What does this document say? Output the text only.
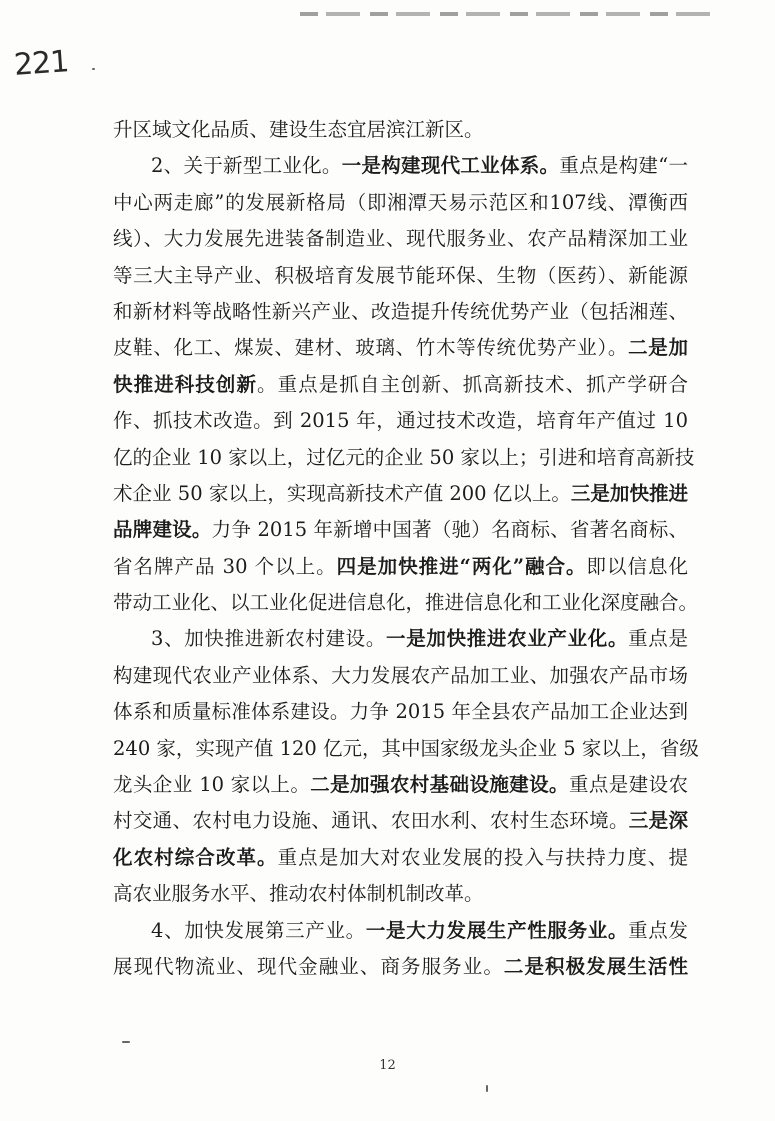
221
升区域文化品质、建设生态宜居滨江新区。
2、关于新型工业化。一是构建现代工业体系。重点是构建“一
中心两走廊”的发展新格局（即湘潭天易示范区和107线、潭衡西
线）、大力发展先进装备制造业、现代服务业、农产品精深加工业
等三大主导产业、积极培育发展节能环保、生物（医药）、新能源
和新材料等战略性新兴产业、改造提升传统优势产业（包括湘莲、
皮鞋、化工、煤炭、建材、玻璃、竹木等传统优势产业）。二是加
快推进科技创新。重点是抓自主创新、抓高新技术、抓产学研合
作、抓技术改造。到 2015 年，通过技术改造，培育年产值过 10
亿的企业 10 家以上，过亿元的企业 50 家以上；引进和培育高新技
术企业 50 家以上，实现高新技术产值 200 亿以上。三是加快推进
品牌建设。力争 2015 年新增中国著（驰）名商标、省著名商标、
省名牌产品 30 个以上。四是加快推进“两化”融合。即以信息化
带动工业化、以工业化促进信息化，推进信息化和工业化深度融合。
3、加快推进新农村建设。一是加快推进农业产业化。重点是
构建现代农业产业体系、大力发展农产品加工业、加强农产品市场
体系和质量标准体系建设。力争 2015 年全县农产品加工企业达到
240 家，实现产值 120 亿元，其中国家级龙头企业 5 家以上，省级
龙头企业 10 家以上。二是加强农村基础设施建设。重点是建设农
村交通、农村电力设施、通讯、农田水利、农村生态环境。三是深
化农村综合改革。重点是加大对农业发展的投入与扶持力度、提
高农业服务水平、推动农村体制机制改革。
4、加快发展第三产业。一是大力发展生产性服务业。重点发
展现代物流业、现代金融业、商务服务业。二是积极发展生活性
12
